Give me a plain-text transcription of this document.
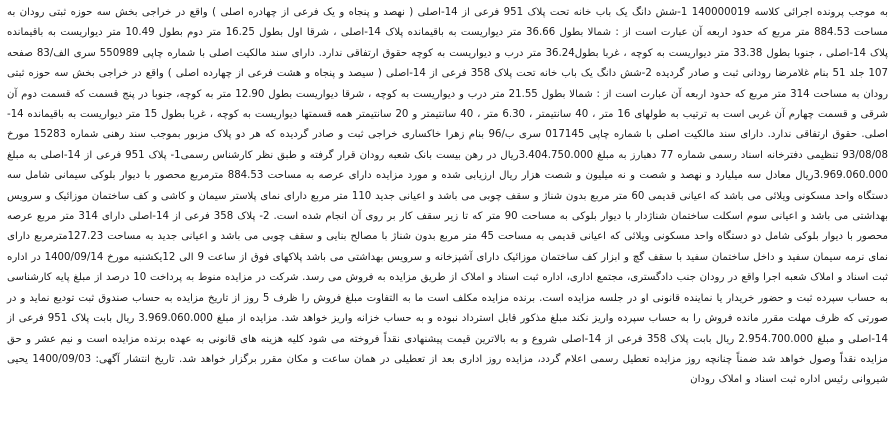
به موجب پرونده اجرائی کلاسه 140000019 1-شش دانگ یک باب خانه تحت پلاک 951 فرعی از 14-اصلی ( نهصد و پنجاه و یک فرعی از چهادره اصلی ) واقع در خراجی بخش سه حوزه ثبتی رودان به مساحت 884.53 متر مربع که حدود اربعه آن عبارت است از : شمالا بطول 36.66 متر دیواریست به باقیمانده پلاک 14-اصلی ، شرقا اول بطول 16.25 متر دوم بطول 10.49 متر دیواریست به باقیمانده پلاک 14-اصلی ، جنوبا بطول 33.38 متر دیواریست به کوچه ، غربا بطول36.24 متر درب و دیواریست به کوچه حقوق ارتفاقی ندارد. دارای سند مالکیت اصلی با شماره چاپی 550989 سری الف/83 صفحه 107 جلد 51 بنام غلامرضا رودانی ثبت و صادر گردیده 2-شش دانگ یک باب خانه تحت پلاک 358 فرعی از 14-اصلی ( سیصد و پنجاه و هشت فرعی از چهارده اصلی ) واقع در خراجی بخش سه حوزه ثبتی رودان به مساحت 314 متر مربع که حدود اربعه آن عبارت است از : شمالا بطول 21.55 متر درب و دیواریست به کوچه ، شرقا دیواریست بطول 12.90 متر به کوچه، جنوبا در پنج قسمت که قسمت دوم آن شرقی و قسمت چهارم آن غربی است به ترتیب به طولهای 16 متر ، 40 سانتیمتر ، 6.30 متر ، 40 سانتیمتر و 20 سانتیمتر همه قسمتها دیواریست به کوچه ، غربا بطول 15 متر دیواریست به باقیمانده 14-اصلی. حقوق ارتفاقی ندارد. دارای سند مالکیت اصلی با شماره چاپی 017145 سری ب/96 بنام زهرا خاکساری خراجی ثبت و صادر گردیده که هر دو پلاک مزبور بموجب سند رهنی شماره 15283 مورخ 93/08/08 تنظیمی دفترخانه اسناد رسمی شماره 77 دهبارز به مبلغ 3.404.750.000ریال در رهن بیست بانک شعبه رودان قرار گرفته و طبق نظر کارشناس رسمی1- پلاک 951 فرعی از 14-اصلی به مبلغ 3.969.060.000ریال معادل سه میلیارد و نهصد و شصت و نه میلیون و شصت هزار ریال ارزیابی شده و مورد مزایده دارای عرصه به مساحت 884.53 مترمربع محصور با دیوار بلوکی سیمانی شامل سه دستگاه واحد مسکونی ویلائی می باشد که اعیانی قدیمی 60 متر مربع بدون شناژ و سقف چوبی می باشد و اعیانی جدید 110 متر مربع دارای نمای پلاستر سیمان و کاشی و کف ساختمان موزائیک و سرویس بهداشتی می باشد و اعیانی سوم اسکلت ساختمان شناژدار با دیوار بلوکی به مساحت 90 متر که تا زیر سقف کار بر روی آن انجام شده است. 2- پلاک 358 فرعی از 14-اصلی دارای 314 متر مربع عرصه محصور با دیوار بلوکی شامل دو دستگاه واحد مسکونی ویلائی که اعیانی قدیمی به مساحت 45 متر مربع بدون شناژ با مصالح بنایی و سقف چوبی می باشد و اعیانی جدید به مساحت 127.23مترمربع دارای نمای نرمه سیمان سفید و داخل ساختمان سفید با سقف گچ و ابزار کف ساختمان موزائیک دارای آشپزخانه و سرویس بهداشتی می باشد پلاکهای فوق از ساعت 9 الی 12یکشنبه مورخ 1400/09/14 در اداره ثبت اسناد و املاک شعبه اجرا واقع در رودان جنب دادگستری، مجتمع اداری، اداره ثبت اسناد و املاک از طریق مزایده به فروش می رسد. شرکت در مزایده منوط به پرداخت 10 درصد از مبلغ پایه کارشناسی به حساب سپرده ثبت و حضور خریدار یا نماینده قانونی او در جلسه مزایده است. برنده مزایده مکلف است ما به التفاوت مبلغ فروش را ظرف 5 روز از تاریخ مزایده به حساب صندوق ثبت تودیع نماید و در صورتی که ظرف مهلت مقرر مانده فروش را به حساب سپرده واریز نکند مبلغ مذکور قابل استرداد نبوده و به حساب خزانه واریز خواهد شد. مزایده از مبلغ 3.969.060.000 ریال بابت پلاک 951 فرعی از 14-اصلی و مبلغ 2.954.700.000 ریال بابت پلاک 358 فرعی از 14-اصلی شروع و به بالاترین قیمت پیشنهادی نقداً فروخته می شود کلیه هزینه های قانونی به عهده برنده مزایده است و نیم عشر و حق مزایده نقداً وصول خواهد شد ضمناً چنانچه روز مزایده تعطیل رسمی اعلام گردد، مزایده روز اداری بعد از تعطیلی در همان ساعت و مکان مقرر برگزار خواهد شد. تاریخ انتشار آگهی: 1400/09/03 یحیی شیروانی رئیس اداره ثبت اسناد و املاک رودان
